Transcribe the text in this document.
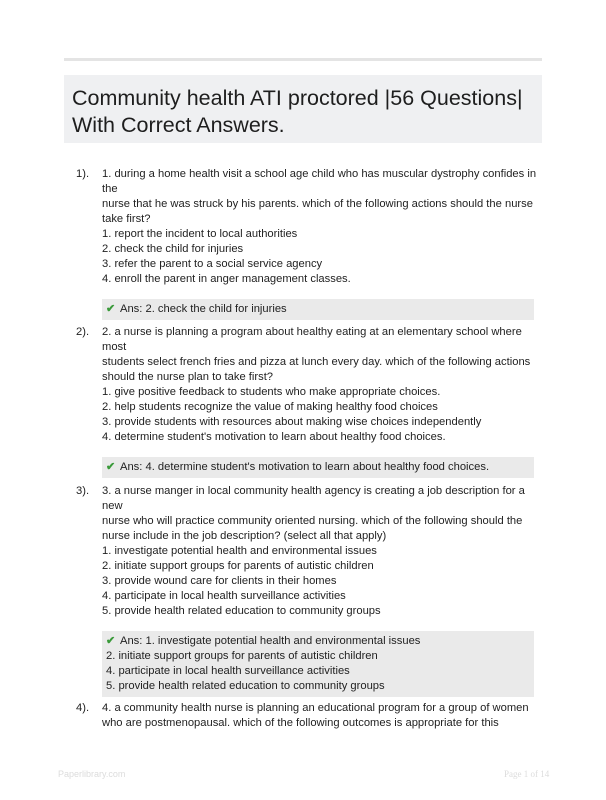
Community health ATI proctored |56 Questions| With Correct Answers.
1).	1. during a home health visit a school age child who has muscular dystrophy confides in the
nurse that he was struck by his parents. which of the following actions should the nurse
take first?
1. report the incident to local authorities
2. check the child for injuries
3. refer the parent to a social service agency
4. enroll the parent in anger management classes.
✔ Ans: 2. check the child for injuries
2).	2. a nurse is planning a program about healthy eating at an elementary school where most
students select french fries and pizza at lunch every day. which of the following actions
should the nurse plan to take first?
1. give positive feedback to students who make appropriate choices.
2. help students recognize the value of making healthy food choices
3. provide students with resources about making wise choices independently
4. determine student's motivation to learn about healthy food choices.
✔ Ans: 4. determine student's motivation to learn about healthy food choices.
3).	3. a nurse manger in local community health agency is creating a job description for a new
nurse who will practice community oriented nursing. which of the following should the
nurse include in the job description? (select all that apply)
1. investigate potential health and environmental issues
2. initiate support groups for parents of autistic children
3. provide wound care for clients in their homes
4. participate in local health surveillance activities
5. provide health related education to community groups
✔ Ans: 1. investigate potential health and environmental issues
2. initiate support groups for parents of autistic children
4. participate in local health surveillance activities
5. provide health related education to community groups
4).	4. a community health nurse is planning an educational program for a group of women
who are postmenopausal. which of the following outcomes is appropriate for this
Paperlibrary.com	Page 1 of 14
